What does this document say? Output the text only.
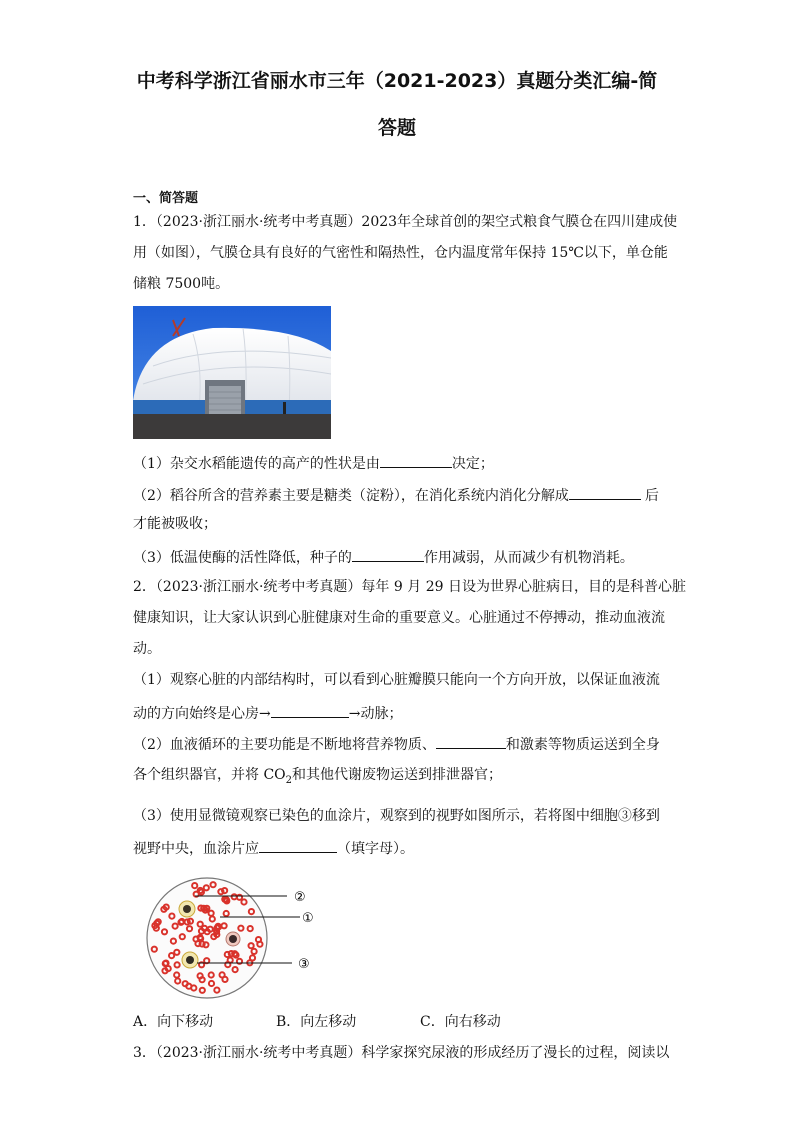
中考科学浙江省丽水市三年（2021-2023）真题分类汇编-简
答题
一、简答题
1．（2023·浙江丽水·统考中考真题）2023年全球首创的架空式粮食气膜仓在四川建成使
用（如图），气膜仓具有良好的气密性和隔热性，仓内温度常年保持 15℃以下，单仓能
储粮 7500吨。
（1）杂交水稻能遗传的高产的性状是由	决定；
（2）稻谷所含的营养素主要是糖类（淀粉），在消化系统内消化分解成	后
才能被吸收；
（3）低温使酶的活性降低，种子的	作用减弱，从而减少有机物消耗。
2．（2023·浙江丽水·统考中考真题）每年 9 月 29 日设为世界心脏病日，目的是科普心脏
健康知识，让大家认识到心脏健康对生命的重要意义。心脏通过不停搏动，推动血液流
动。
（1）观察心脏的内部结构时，可以看到心脏瓣膜只能向一个方向开放，以保证血液流
动的方向始终是心房→	→动脉；
（2）血液循环的主要功能是不断地将营养物质、	和激素等物质运送到全身
各个组织器官，并将 $CO_2$和其他代谢废物运送到排泄器官；
（3）使用显微镜观察已染色的血涂片，观察到的视野如图所示，若将图中细胞③移到
视野中央，血涂片应	（填字母）。
②
①
③
A．向下移动	B．向左移动	C．向右移动
3．（2023·浙江丽水·统考中考真题）科学家探究尿液的形成经历了漫长的过程，阅读以
